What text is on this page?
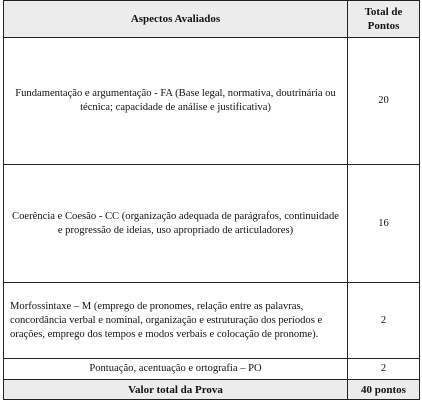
Aspectos Avaliados	Total de Pontos
Fundamentação e argumentação - FA (Base legal, normativa, doutrinária ou técnica; capacidade de análise e justificativa)	20
Coerência e Coesão - CC (organização adequada de parágrafos, continuidade e progressão de ideias, uso apropriado de articuladores)	16
Morfossintaxe – M (emprego de pronomes, relação entre as palavras, concordância verbal e nominal, organização e estruturação dos períodos e orações, emprego dos tempos e modos verbais e colocação de pronome).	2
Pontuação, acentuação e ortografia – PO	2
Valor total da Prova	40 pontos
